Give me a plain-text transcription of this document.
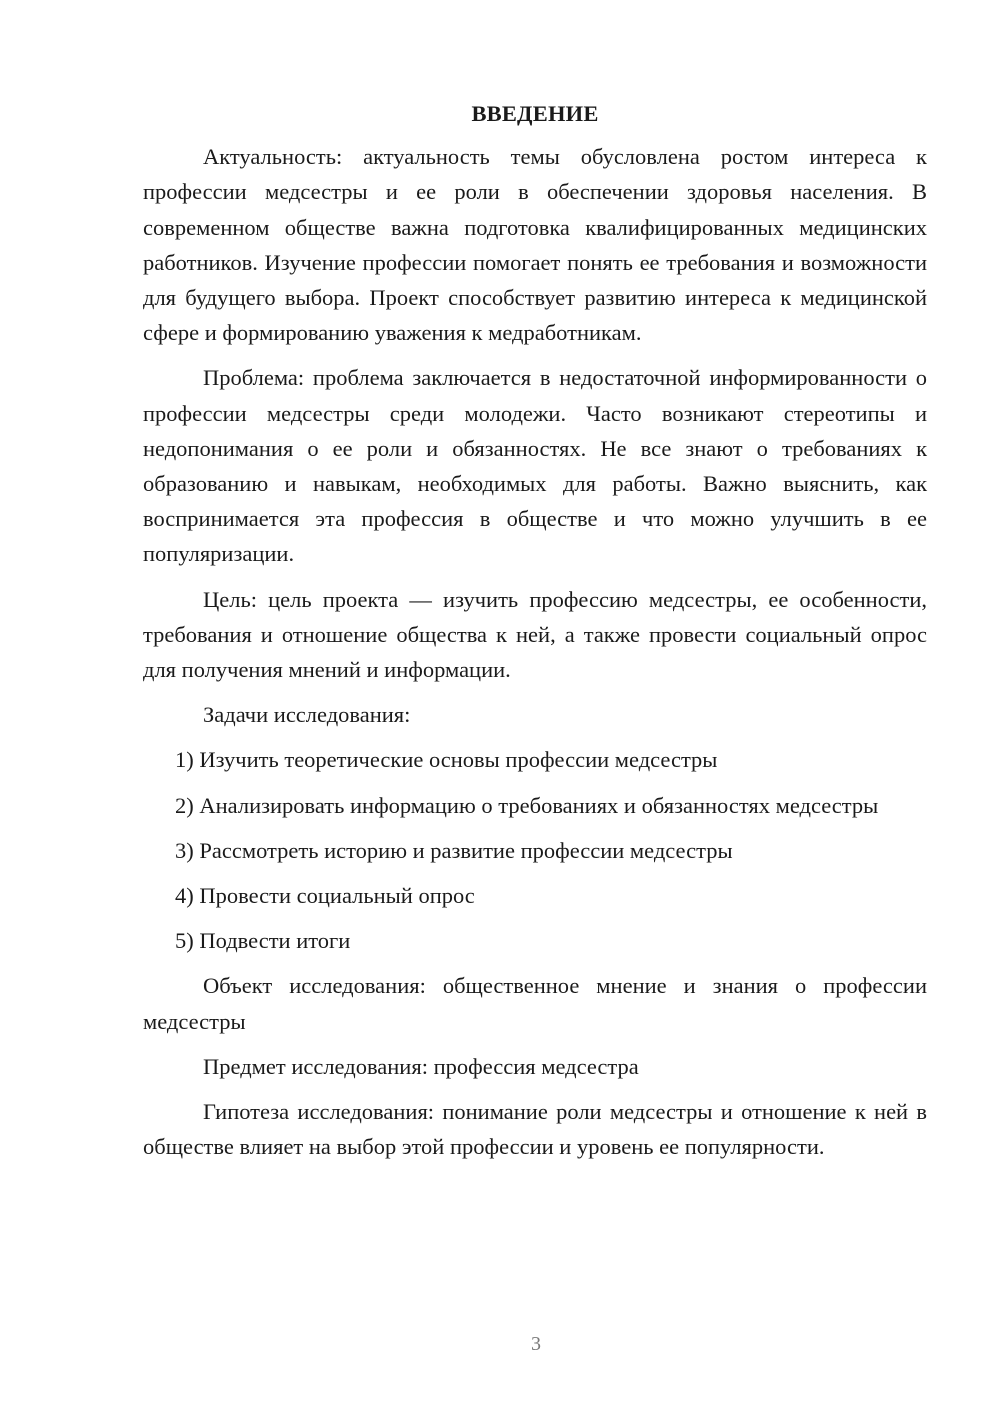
ВВЕДЕНИЕ

Актуальность: актуальность темы обусловлена ростом интереса к профессии медсестры и ее роли в обеспечении здоровья населения. В современном обществе важна подготовка квалифицированных медицинских работников. Изучение профессии помогает понять ее требования и возможности для будущего выбора. Проект способствует развитию интереса к медицинской сфере и формированию уважения к медработникам.

Проблема: проблема заключается в недостаточной информированности о профессии медсестры среди молодежи. Часто возникают стереотипы и недопонимания о ее роли и обязанностях. Не все знают о требованиях к образованию и навыкам, необходимых для работы. Важно выяснить, как воспринимается эта профессия в обществе и что можно улучшить в ее популяризации.

Цель: цель проекта — изучить профессию медсестры, ее особенности, требования и отношение общества к ней, а также провести социальный опрос для получения мнений и информации.

Задачи исследования:

1) Изучить теоретические основы профессии медсестры

2) Анализировать информацию о требованиях и обязанностях медсестры

3) Рассмотреть историю и развитие профессии медсестры

4) Провести социальный опрос

5) Подвести итоги

Объект исследования: общественное мнение и знания о профессии медсестры

Предмет исследования: профессия медсестра

Гипотеза исследования: понимание роли медсестры и отношение к ней в обществе влияет на выбор этой профессии и уровень ее популярности.

3
